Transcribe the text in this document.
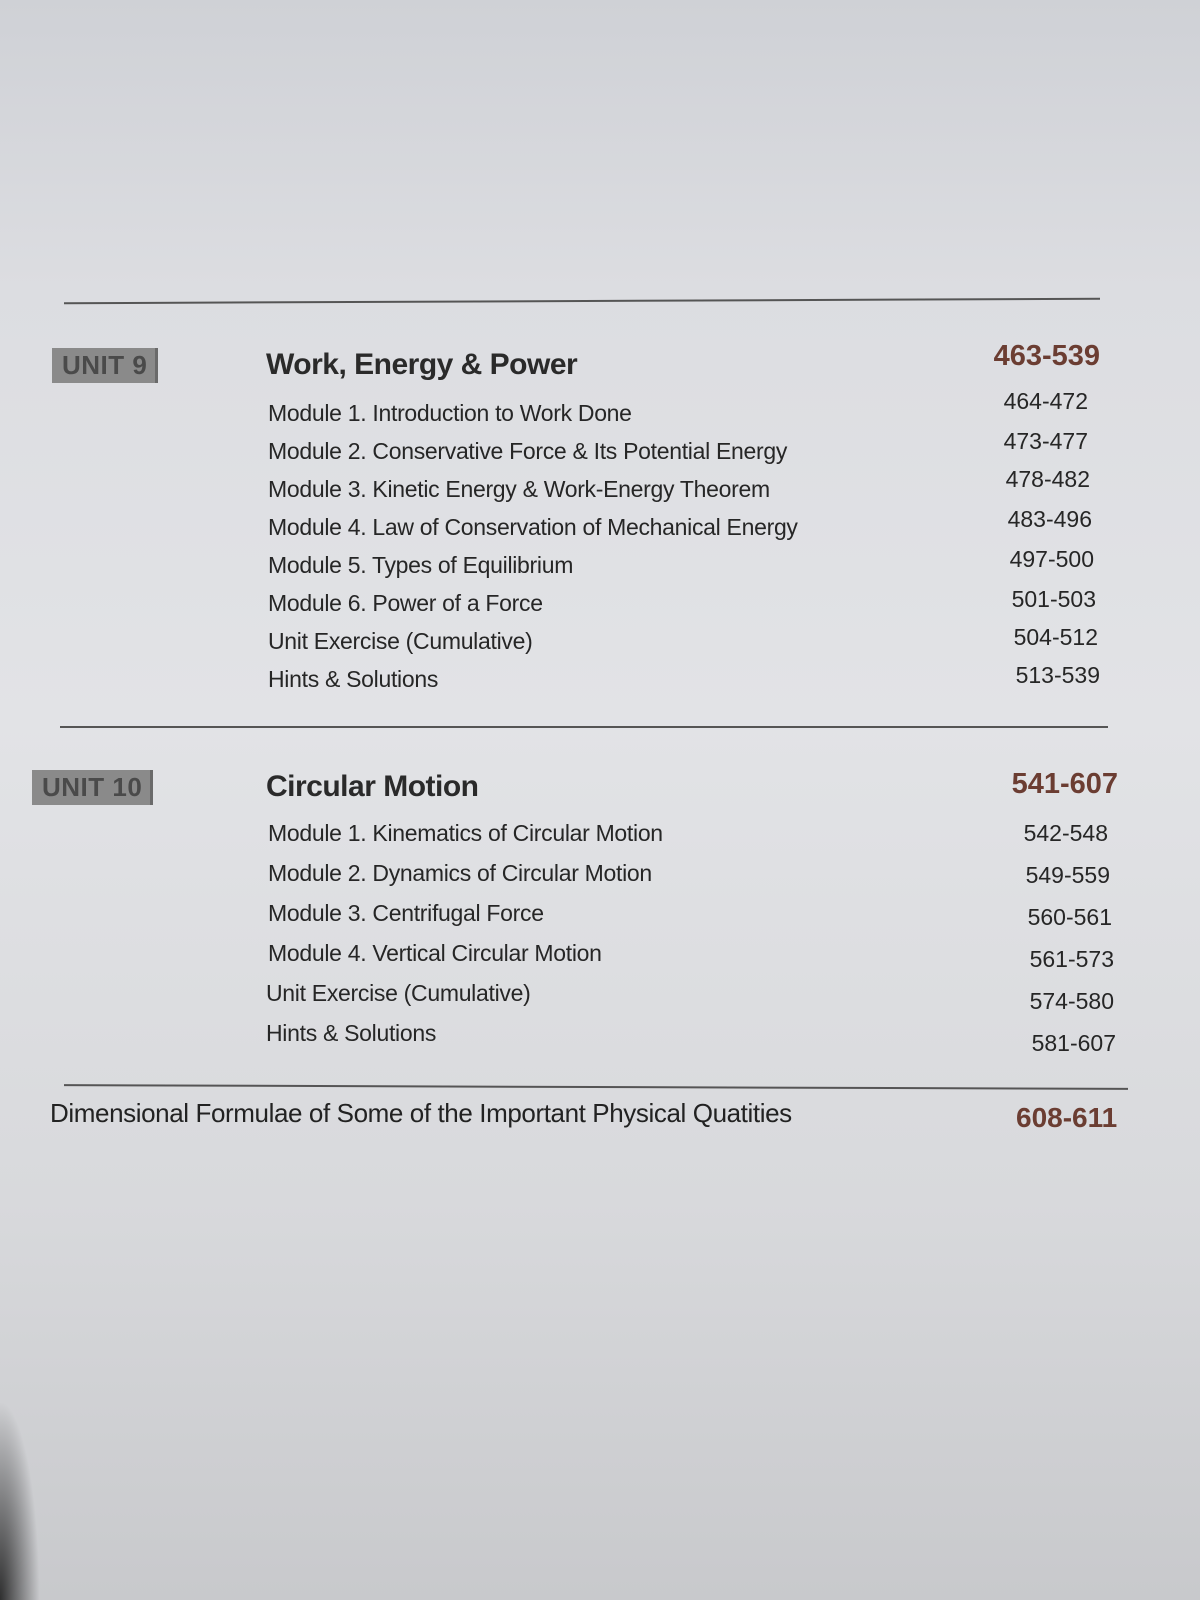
UNIT 9	Work, Energy & Power	463-539
Module 1. Introduction to Work Done	464-472
Module 2. Conservative Force & Its Potential Energy	473-477
Module 3. Kinetic Energy & Work-Energy Theorem	478-482
Module 4. Law of Conservation of Mechanical Energy	483-496
Module 5. Types of Equilibrium	497-500
Module 6. Power of a Force	501-503
Unit Exercise (Cumulative)	504-512
Hints & Solutions	513-539
UNIT 10	Circular Motion	541-607
Module 1. Kinematics of Circular Motion	542-548
Module 2. Dynamics of Circular Motion	549-559
Module 3. Centrifugal Force	560-561
Module 4. Vertical Circular Motion	561-573
Unit Exercise (Cumulative)	574-580
Hints & Solutions	581-607
Dimensional Formulae of Some of the Important Physical Quatities	608-611
